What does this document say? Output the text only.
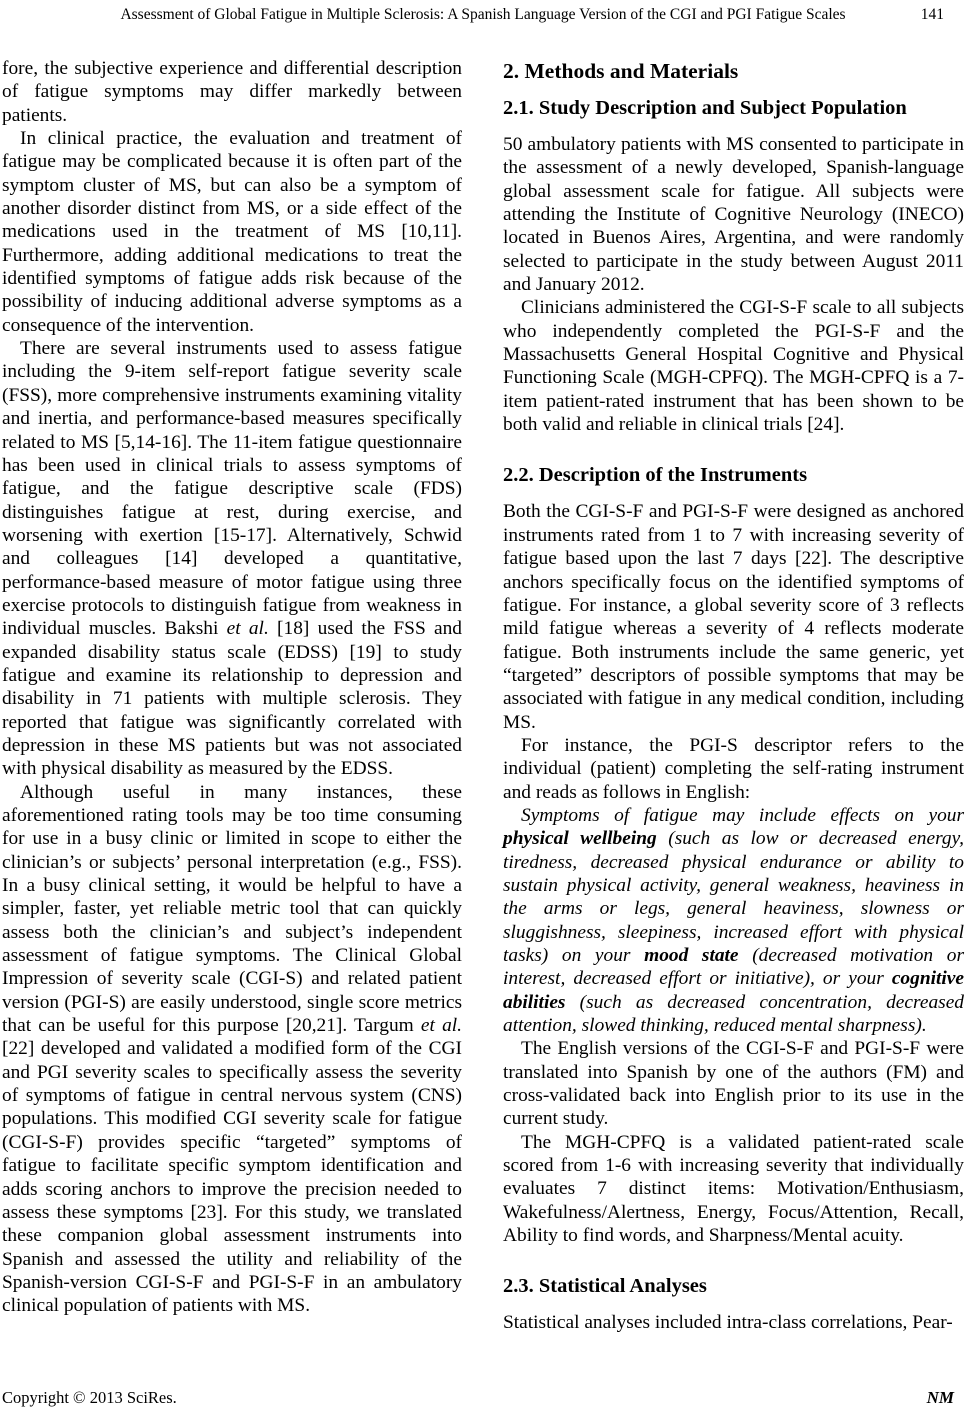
Assessment of Global Fatigue in Multiple Sclerosis: A Spanish Language Version of the CGI and PGI Fatigue Scales	141

fore, the subjective experience and differential description of fatigue symptoms may differ markedly between patients.

In clinical practice, the evaluation and treatment of fatigue may be complicated because it is often part of the symptom cluster of MS, but can also be a symptom of another disorder distinct from MS, or a side effect of the medications used in the treatment of MS [10,11]. Furthermore, adding additional medications to treat the identified symptoms of fatigue adds risk because of the possibility of inducing additional adverse symptoms as a consequence of the intervention.

There are several instruments used to assess fatigue including the 9-item self-report fatigue severity scale (FSS), more comprehensive instruments examining vitality and inertia, and performance-based measures specifically related to MS [5,14-16]. The 11-item fatigue questionnaire has been used in clinical trials to assess symptoms of fatigue, and the fatigue descriptive scale (FDS) distinguishes fatigue at rest, during exercise, and worsening with exertion [15-17]. Alternatively, Schwid and colleagues [14] developed a quantitative, performance-based measure of motor fatigue using three exercise protocols to distinguish fatigue from weakness in individual muscles. Bakshi et al. [18] used the FSS and expanded disability status scale (EDSS) [19] to study fatigue and examine its relationship to depression and disability in 71 patients with multiple sclerosis. They reported that fatigue was significantly correlated with depression in these MS patients but was not associated with physical disability as measured by the EDSS.

Although useful in many instances, these aforementioned rating tools may be too time consuming for use in a busy clinic or limited in scope to either the clinician’s or subjects’ personal interpretation (e.g., FSS). In a busy clinical setting, it would be helpful to have a simpler, faster, yet reliable metric tool that can quickly assess both the clinician’s and subject’s independent assessment of fatigue symptoms. The Clinical Global Impression of severity scale (CGI-S) and related patient version (PGI-S) are easily understood, single score metrics that can be useful for this purpose [20,21]. Targum et al. [22] developed and validated a modified form of the CGI and PGI severity scales to specifically assess the severity of symptoms of fatigue in central nervous system (CNS) populations. This modified CGI severity scale for fatigue (CGI-S-F) provides specific “targeted” symptoms of fatigue to facilitate specific symptom identification and adds scoring anchors to improve the precision needed to assess these symptoms [23]. For this study, we translated these companion global assessment instruments into Spanish and assessed the utility and reliability of the Spanish-version CGI-S-F and PGI-S-F in an ambulatory clinical population of patients with MS.

2. Methods and Materials
2.1. Study Description and Subject Population

50 ambulatory patients with MS consented to participate in the assessment of a newly developed, Spanish-language global assessment scale for fatigue. All subjects were attending the Institute of Cognitive Neurology (INECO) located in Buenos Aires, Argentina, and were randomly selected to participate in the study between August 2011 and January 2012.

Clinicians administered the CGI-S-F scale to all subjects who independently completed the PGI-S-F and the Massachusetts General Hospital Cognitive and Physical Functioning Scale (MGH-CPFQ). The MGH-CPFQ is a 7-item patient-rated instrument that has been shown to be both valid and reliable in clinical trials [24].

2.2. Description of the Instruments

Both the CGI-S-F and PGI-S-F were designed as anchored instruments rated from 1 to 7 with increasing severity of fatigue based upon the last 7 days [22]. The descriptive anchors specifically focus on the identified symptoms of fatigue. For instance, a global severity score of 3 reflects mild fatigue whereas a severity of 4 reflects moderate fatigue. Both instruments include the same generic, yet “targeted” descriptors of possible symptoms that may be associated with fatigue in any medical condition, including MS.

For instance, the PGI-S descriptor refers to the individual (patient) completing the self-rating instrument and reads as follows in English:

Symptoms of fatigue may include effects on your physical wellbeing (such as low or decreased energy, tiredness, decreased physical endurance or ability to sustain physical activity, general weakness, heaviness in the arms or legs, general heaviness, slowness or sluggishness, sleepiness, increased effort with physical tasks) on your mood state (decreased motivation or interest, decreased effort or initiative), or your cognitive abilities (such as decreased concentration, decreased attention, slowed thinking, reduced mental sharpness).

The English versions of the CGI-S-F and PGI-S-F were translated into Spanish by one of the authors (FM) and cross-validated back into English prior to its use in the current study.

The MGH-CPFQ is a validated patient-rated scale scored from 1-6 with increasing severity that individually evaluates 7 distinct items: Motivation/Enthusiasm, Wakefulness/Alertness, Energy, Focus/Attention, Recall, Ability to find words, and Sharpness/Mental acuity.

2.3. Statistical Analyses

Statistical analyses included intra-class correlations, Pear-

Copyright © 2013 SciRes.	NM
